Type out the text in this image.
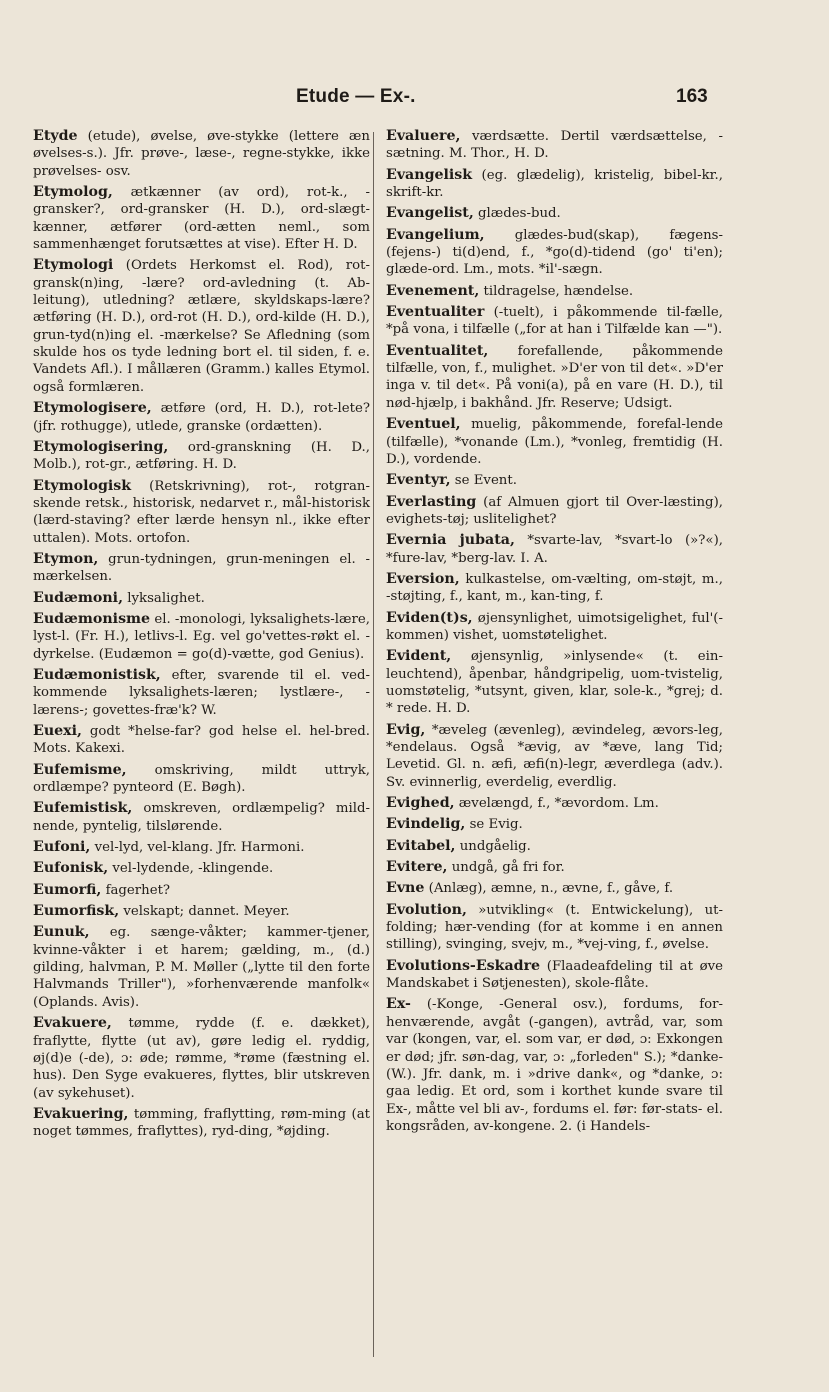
Etude — Ex-.	163

Etyde (etude), øvelse, øve-stykke (lettere æn øvelses-s.). Jfr. prøve-, læse-, regne-stykke, ikke prøvelses- osv.

Etymolog, ætkænner (av ord), rot-k., -gransker?, ord-gransker (H. D.), ord-slægt-kænner, ætfører (ord-ætten neml., som sammenhænget forutsættes at vise). Efter H. D.

Etymologi (Ordets Herkomst el. Rod), rot-gransk(n)ing, -lære? ord-avledning (t. Ab-leitung), utledning? ætlære, skyldskaps-lære? ætføring (H. D.), ord-rot (H. D.), ord-kilde (H. D.), grun-tyd(n)ing el. -mærkelse? Se Afledning (som skulde hos os tyde ledning bort el. til siden, f. e. Vandets Afl.). I mållæren (Gramm.) kalles Etymol. også formlæren.

Etymologisere, ætføre (ord, H. D.), rot-lete? (jfr. rothugge), utlede, granske (ordætten).

Etymologisering, ord-granskning (H. D., Molb.), rot-gr., ætføring. H. D.

Etymologisk (Retskrivning), rot-, rotgran-skende retsk., historisk, nedarvet r., mål-historisk (lærd-staving? efter lærde hensyn nl., ikke efter uttalen). Mots. ortofon.

Etymon, grun-tydningen, grun-meningen el. -mærkelsen.

Eudæmoni, lyksalighet.

Eudæmonisme el. -monologi, lyksalighets-lære, lyst-l. (Fr. H.), letlivs-l. Eg. vel go'vettes-røkt el. -dyrkelse. (Eudæmon = go(d)-vætte, god Genius).

Eudæmonistisk, efter, svarende til el. ved-kommende lyksalighets-læren; lystlære-, -lærens-; govettes-fræ'k? W.

Euexi, godt *helse-far? god helse el. hel-bred. Mots. Kakexi.

Eufemisme, omskriving, mildt uttryk, ordlæmpe? pynteord (E. Bøgh).

Eufemistisk, omskreven, ordlæmpelig? mild-nende, pyntelig, tilslørende.

Eufoni, vel-lyd, vel-klang. Jfr. Harmoni.

Eufonisk, vel-lydende, -klingende.

Eumorfi, fagerhet?

Eumorfisk, velskapt; dannet. Meyer.

Eunuk, eg. sænge-våkter; kammer-tjener, kvinne-våkter i et harem; gælding, m., (d.) gilding, halvman, P. M. Møller („lytte til den forte Halvmands Triller"), »forhenværende manfolk« (Oplands. Avis).

Evakuere, tømme, rydde (f. e. dækket), fraflytte, flytte (ut av), gøre ledig el. ryddig, øj(d)e (-de), ɔ: øde; rømme, *røme (fæstning el. hus). Den Syge evakueres, flyttes, blir utskreven (av sykehuset).

Evakuering, tømming, fraflytting, røm-ming (at noget tømmes, fraflyttes), ryd-ding, *øjding.

Evaluere, værdsætte. Dertil værdsættelse, -sætning. M. Thor., H. D.

Evangelisk (eg. glædelig), kristelig, bibel-kr., skrift-kr.

Evangelist, glædes-bud.

Evangelium, glædes-bud(skap), fægens-(fejens-) ti(d)end, f., *go(d)-tidend (go' ti'en); glæde-ord. Lm., mots. *il'-sægn.

Evenement, tildragelse, hændelse.

Eventualiter (-tuelt), i påkommende til-fælle, *på vona, i tilfælle („for at han i Tilfælde kan —").

Eventualitet, forefallende, påkommende tilfælle, von, f., mulighet. »D'er von til det«. »D'er inga v. til det«. På voni(a), på en vare (H. D.), til nød-hjælp, i bakhånd. Jfr. Reserve; Udsigt.

Eventuel, muelig, påkommende, forefal-lende (tilfælle), *vonande (Lm.), *vonleg, fremtidig (H. D.), vordende.

Eventyr, se Event.

Everlasting (af Almuen gjort til Over-læsting), evighets-tøj; uslitelighet?

Evernia jubata, *svarte-lav, *svart-lo (»?«), *fure-lav, *berg-lav. I. A.

Eversion, kulkastelse, om-vælting, om-støjt, m., -støjting, f., kant, m., kan-ting, f.

Eviden(t)s, øjensynlighet, uimotsigelighet, ful'(-kommen) vishet, uomstøtelighet.

Evident, øjensynlig, »inlysende« (t. ein-leuchtend), åpenbar, håndgripelig, uom-tvistelig, uomstøtelig, *utsynt, given, klar, sole-k., *grej; d. * rede. H. D.

Evig, *æveleg (ævenleg), ævindeleg, ævors-leg, *endelaus. Også *ævig, av *æve, lang Tid; Levetid. Gl. n. æfi, æfi(n)-legr, æverdlega (adv.). Sv. evinnerlig, everdelig, everdlig.

Evighed, ævelængd, f., *ævordom. Lm.

Evindelig, se Evig.

Evitabel, undgåelig.

Evitere, undgå, gå fri for.

Evne (Anlæg), æmne, n., ævne, f., gåve, f.

Evolution, »utvikling« (t. Entwickelung), ut-folding; hær-vending (for at komme i en annen stilling), svinging, svejv, m., *vej-ving, f., øvelse.

Evolutions-Eskadre (Flaadeafdeling til at øve Mandskabet i Søtjenesten), skole-flåte.

Ex- (-Konge, -General osv.), fordums, for-henværende, avgåt (-gangen), avtråd, var, som var (kongen, var, el. som var, er død, ɔ: Exkongen er død; jfr. søn-dag, var, ɔ: „forleden" S.); *danke- (W.). Jfr. dank, m. i »drive dank«, og *danke, ɔ: gaa ledig. Et ord, som i korthet kunde svare til Ex-, måtte vel bli av-, fordums el. før: før-stats- el. kongsråden, av-kongene. 2. (i Handels-
